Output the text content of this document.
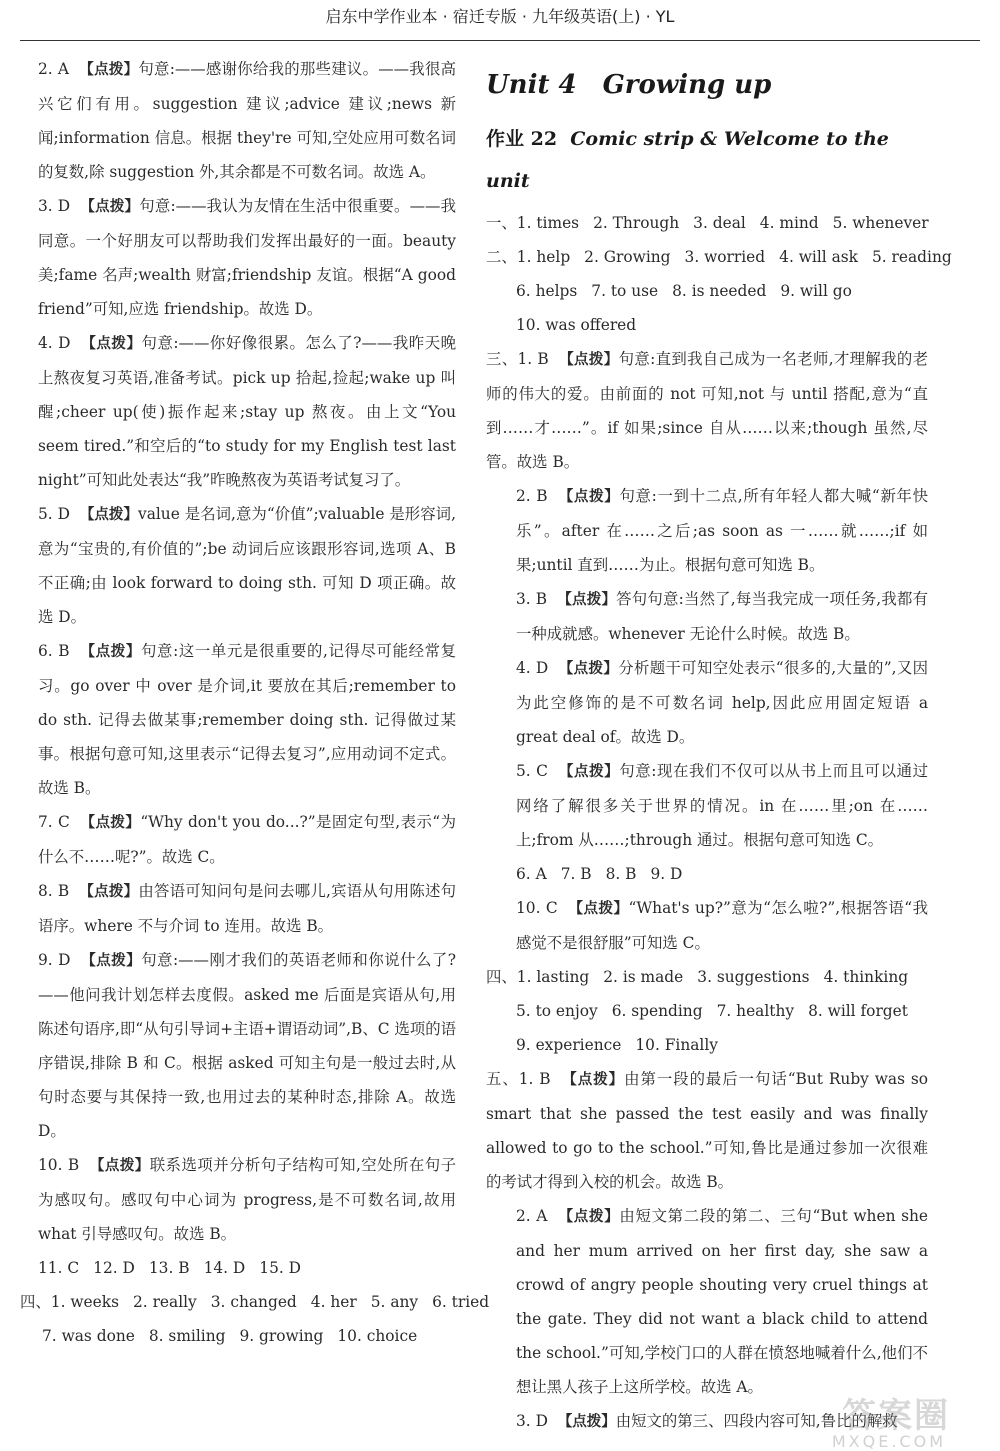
启东中学作业本 · 宿迁专版 · 九年级英语(上) · YL

2. A 【点拨】句意:——感谢你给我的那些建议。——我很高兴它们有用。suggestion 建议;advice 建议;news 新闻;information 信息。根据 they're 可知,空处应用可数名词的复数,除 suggestion 外,其余都是不可数名词。故选 A。

3. D 【点拨】句意:——我认为友情在生活中很重要。——我同意。一个好朋友可以帮助我们发挥出最好的一面。beauty 美;fame 名声;wealth 财富;friendship 友谊。根据“A good friend”可知,应选 friendship。故选 D。

4. D 【点拨】句意:——你好像很累。怎么了?——我昨天晚上熬夜复习英语,准备考试。pick up 拾起,捡起;wake up 叫醒;cheer up(使)振作起来;stay up 熬夜。由上文“You seem tired.”和空后的“to study for my English test last night”可知此处表达“我”昨晚熬夜为英语考试复习了。

5. D 【点拨】value 是名词,意为“价值”;valuable 是形容词,意为“宝贵的,有价值的”;be 动词后应该跟形容词,选项 A、B 不正确;由 look forward to doing sth. 可知 D 项正确。故选 D。

6. B 【点拨】句意:这一单元是很重要的,记得尽可能经常复习。go over 中 over 是介词,it 要放在其后;remember to do sth. 记得去做某事;remember doing sth. 记得做过某事。根据句意可知,这里表示“记得去复习”,应用动词不定式。故选 B。

7. C 【点拨】“Why don't you do...?”是固定句型,表示“为什么不……呢?”。故选 C。

8. B 【点拨】由答语可知问句是问去哪儿,宾语从句用陈述句语序。where 不与介词 to 连用。故选 B。

9. D 【点拨】句意:——刚才我们的英语老师和你说什么了?——他问我计划怎样去度假。asked me 后面是宾语从句,用陈述句语序,即“从句引导词+主语+谓语动词”,B、C 选项的语序错误,排除 B 和 C。根据 asked 可知主句是一般过去时,从句时态要与其保持一致,也用过去的某种时态,排除 A。故选 D。

10. B 【点拨】联系选项并分析句子结构可知,空处所在句子为感叹句。感叹句中心词为 progress,是不可数名词,故用 what 引导感叹句。故选 B。

11. C 12. D 13. B 14. D 15. D
四、1. weeks 2. really 3. changed 4. her 5. any 6. tried
7. was done 8. smiling 9. growing 10. choice
Unit 4　Growing up
作业 22 Comic strip & Welcome to the unit
一、1. times 2. Through 3. deal 4. mind 5. whenever
二、1. help 2. Growing 3. worried 4. will ask 5. reading
6. helps 7. to use 8. is needed 9. will go
10. was offered

三、1. B 【点拨】句意:直到我自己成为一名老师,才理解我的老师的伟大的爱。由前面的 not 可知,not 与 until 搭配,意为“直到……才……”。if 如果;since 自从……以来;though 虽然,尽管。故选 B。

2. B 【点拨】句意:一到十二点,所有年轻人都大喊“新年快乐”。after 在……之后;as soon as 一……就……;if 如果;until 直到……为止。根据句意可知选 B。

3. B 【点拨】答句句意:当然了,每当我完成一项任务,我都有一种成就感。whenever 无论什么时候。故选 B。

4. D 【点拨】分析题干可知空处表示“很多的,大量的”,又因为此空修饰的是不可数名词 help,因此应用固定短语 a great deal of。故选 D。

5. C 【点拨】句意:现在我们不仅可以从书上而且可以通过网络了解很多关于世界的情况。in 在……里;on 在……上;from 从……;through 通过。根据句意可知选 C。

6. A 7. B 8. B 9. D

10. C 【点拨】“What's up?”意为“怎么啦?”,根据答语“我感觉不是很舒服”可知选 C。

四、1. lasting 2. is made 3. suggestions 4. thinking
5. to enjoy 6. spending 7. healthy 8. will forget
9. experience 10. Finally

五、1. B 【点拨】由第一段的最后一句话“But Ruby was so smart that she passed the test easily and was finally allowed to go to the school.”可知,鲁比是通过参加一次很难的考试才得到入校的机会。故选 B。

2. A 【点拨】由短文第二段的第二、三句“But when she and her mum arrived on her first day, she saw a crowd of angry people shouting very cruel things at the gate. They did not want a black child to attend the school.”可知,学校门口的人群在愤怒地喊着什么,他们不想让黑人孩子上这所学校。故选 A。

3. D 【点拨】由短文的第三、四段内容可知,鲁比的解救

答案圈
MXQE.COM
